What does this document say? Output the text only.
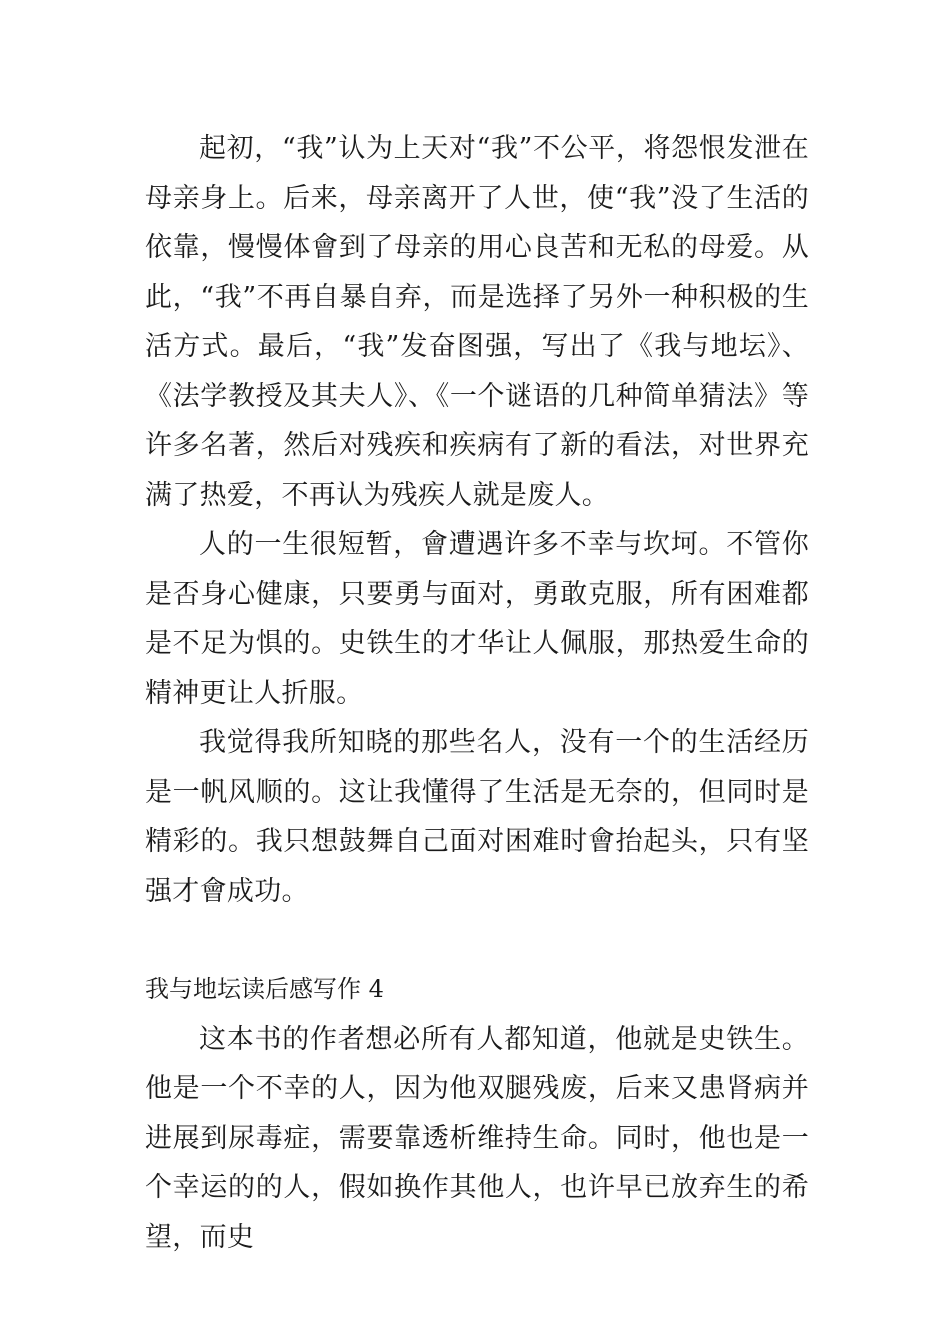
起初，“我”认为上天对“我”不公平，将怨恨发泄在母亲身上。后来，母亲离开了人世，使“我”没了生活的依靠，慢慢体會到了母亲的用心良苦和无私的母爱。从此，“我”不再自暴自弃，而是选择了另外一种积极的生活方式。最后，“我”发奋图强，写出了《我与地坛》、《法学教授及其夫人》、《一个谜语的几种简单猜法》等许多名著，然后对残疾和疾病有了新的看法，对世界充满了热爱，不再认为残疾人就是废人。

人的一生很短暂，會遭遇许多不幸与坎坷。不管你是否身心健康，只要勇与面对，勇敢克服，所有困难都是不足为惧的。史铁生的才华让人佩服，那热爱生命的精神更让人折服。

我觉得我所知晓的那些名人，没有一个的生活经历是一帆风顺的。这让我懂得了生活是无奈的，但同时是精彩的。我只想鼓舞自己面对困难时會抬起头，只有坚强才會成功。

我与地坛读后感写作 4

这本书的作者想必所有人都知道，他就是史铁生。他是一个不幸的人，因为他双腿残废，后来又患肾病并进展到尿毒症，需要靠透析维持生命。同时，他也是一个幸运的的人，假如换作其他人，也许早已放弃生的希望，而史
